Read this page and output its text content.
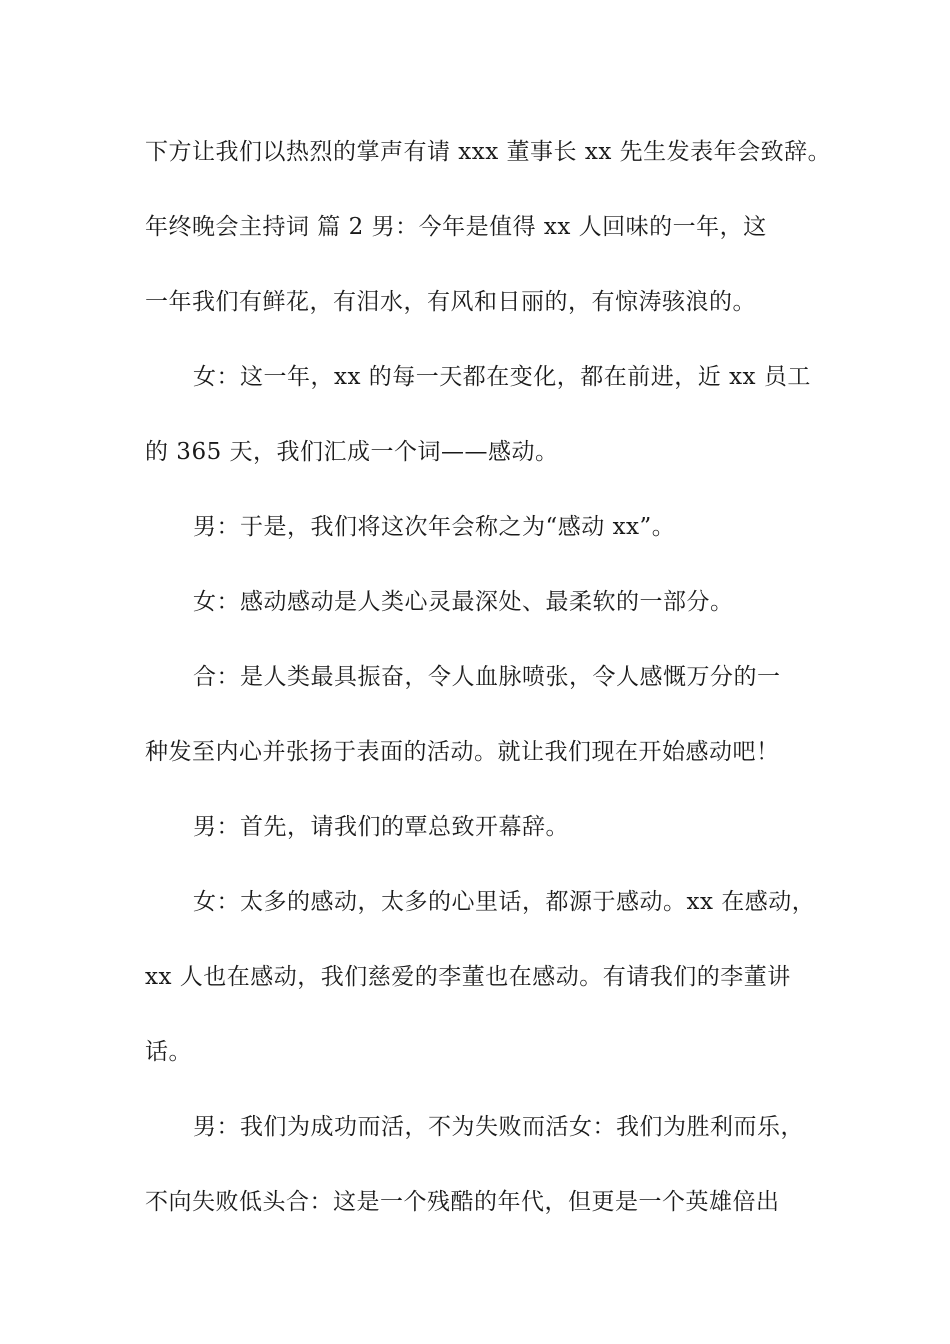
下方让我们以热烈的掌声有请 xxx 董事长 xx 先生发表年会致辞。
年终晚会主持词 篇 2 男：今年是值得 xx 人回味的一年，这
一年我们有鲜花，有泪水，有风和日丽的，有惊涛骇浪的。
女：这一年，xx 的每一天都在变化，都在前进，近 xx 员工
的 365 天，我们汇成一个词——感动。
男：于是，我们将这次年会称之为“感动 xx”。
女：感动感动是人类心灵最深处、最柔软的一部分。
合：是人类最具振奋，令人血脉喷张，令人感慨万分的一
种发至内心并张扬于表面的活动。就让我们现在开始感动吧！
男：首先，请我们的覃总致开幕辞。
女：太多的感动，太多的心里话，都源于感动。xx 在感动，
xx 人也在感动，我们慈爱的李董也在感动。有请我们的李董讲
话。
男：我们为成功而活，不为失败而活女：我们为胜利而乐，
不向失败低头合：这是一个残酷的年代，但更是一个英雄倍出
